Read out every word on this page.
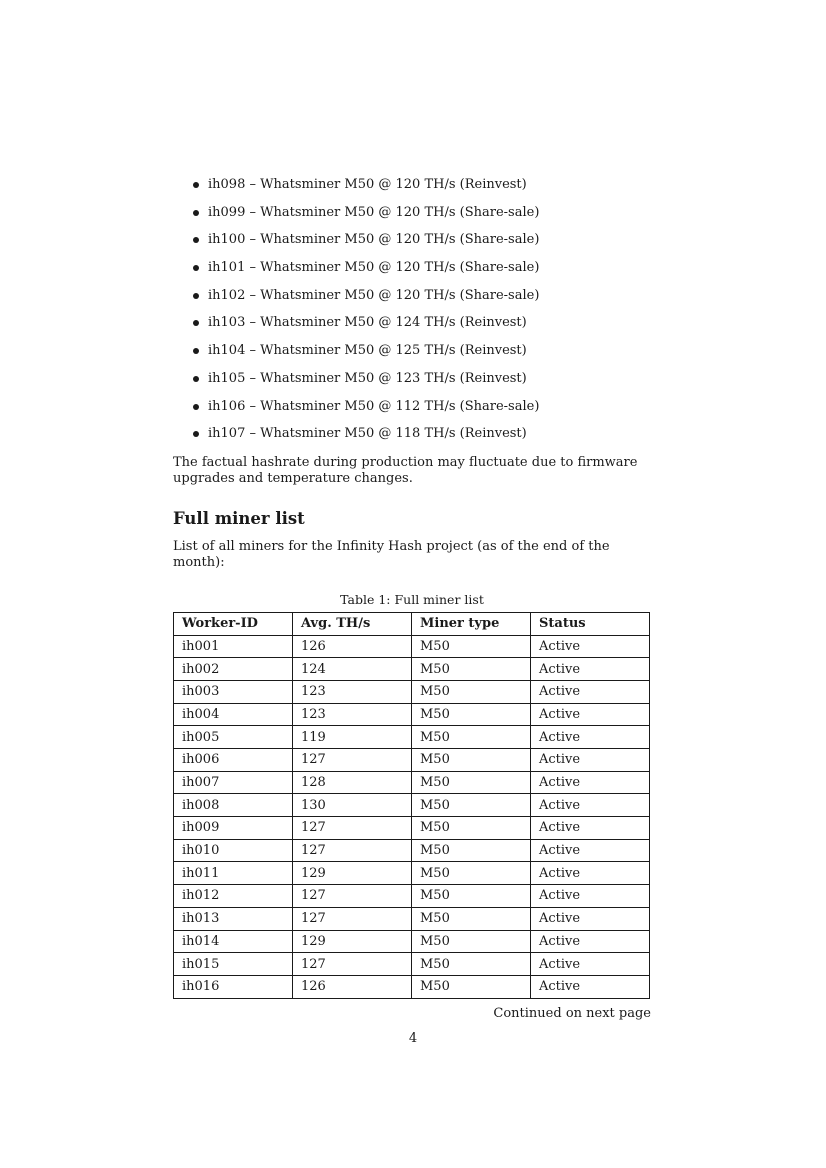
ih098 – Whatsminer M50 @ 120 TH/s (Reinvest)
ih099 – Whatsminer M50 @ 120 TH/s (Share-sale)
ih100 – Whatsminer M50 @ 120 TH/s (Share-sale)
ih101 – Whatsminer M50 @ 120 TH/s (Share-sale)
ih102 – Whatsminer M50 @ 120 TH/s (Share-sale)
ih103 – Whatsminer M50 @ 124 TH/s (Reinvest)
ih104 – Whatsminer M50 @ 125 TH/s (Reinvest)
ih105 – Whatsminer M50 @ 123 TH/s (Reinvest)
ih106 – Whatsminer M50 @ 112 TH/s (Share-sale)
ih107 – Whatsminer M50 @ 118 TH/s (Reinvest)

The factual hashrate during production may fluctuate due to firmware upgrades and temperature changes.

Full miner list

List of all miners for the Infinity Hash project (as of the end of the month):

Table 1: Full miner list
Worker-ID	Avg. TH/s	Miner type	Status
ih001	126	M50	Active
ih002	124	M50	Active
ih003	123	M50	Active
ih004	123	M50	Active
ih005	119	M50	Active
ih006	127	M50	Active
ih007	128	M50	Active
ih008	130	M50	Active
ih009	127	M50	Active
ih010	127	M50	Active
ih011	129	M50	Active
ih012	127	M50	Active
ih013	127	M50	Active
ih014	129	M50	Active
ih015	127	M50	Active
ih016	126	M50	Active
Continued on next page
4
